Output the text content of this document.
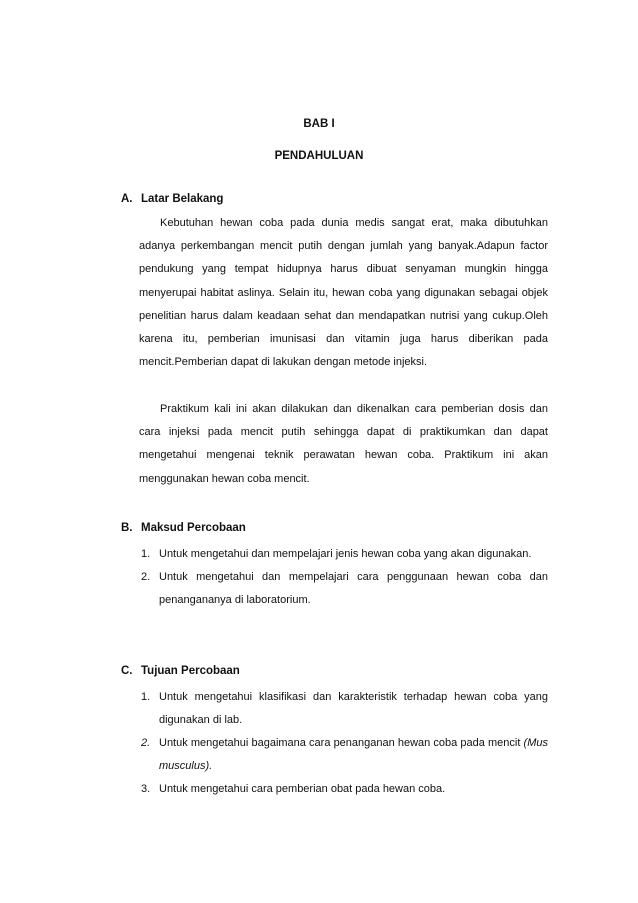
BAB I
PENDAHULUAN
A. Latar Belakang

Kebutuhan hewan coba pada dunia medis sangat erat, maka dibutuhkan adanya perkembangan mencit putih dengan jumlah yang banyak.Adapun factor pendukung yang tempat hidupnya harus dibuat senyaman mungkin hingga menyerupai habitat aslinya. Selain itu, hewan coba yang digunakan sebagai objek penelitian harus dalam keadaan sehat dan mendapatkan nutrisi yang cukup.Oleh karena itu, pemberian imunisasi dan vitamin juga harus diberikan pada mencit.Pemberian dapat di lakukan dengan metode injeksi.

Praktikum kali ini akan dilakukan dan dikenalkan cara pemberian dosis dan cara injeksi pada mencit putih sehingga dapat di praktikumkan dan dapat mengetahui mengenai teknik perawatan hewan coba. Praktikum ini akan menggunakan hewan coba mencit.

B. Maksud Percobaan
1. Untuk mengetahui dan mempelajari jenis hewan coba yang akan digunakan.
2. Untuk mengetahui dan mempelajari cara penggunaan hewan coba dan penangananya di laboratorium.
C. Tujuan Percobaan
1. Untuk mengetahui klasifikasi dan karakteristik terhadap hewan coba yang digunakan di lab.
2. Untuk mengetahui bagaimana cara penanganan hewan coba pada mencit (Mus musculus).
3. Untuk mengetahui cara pemberian obat pada hewan coba.
